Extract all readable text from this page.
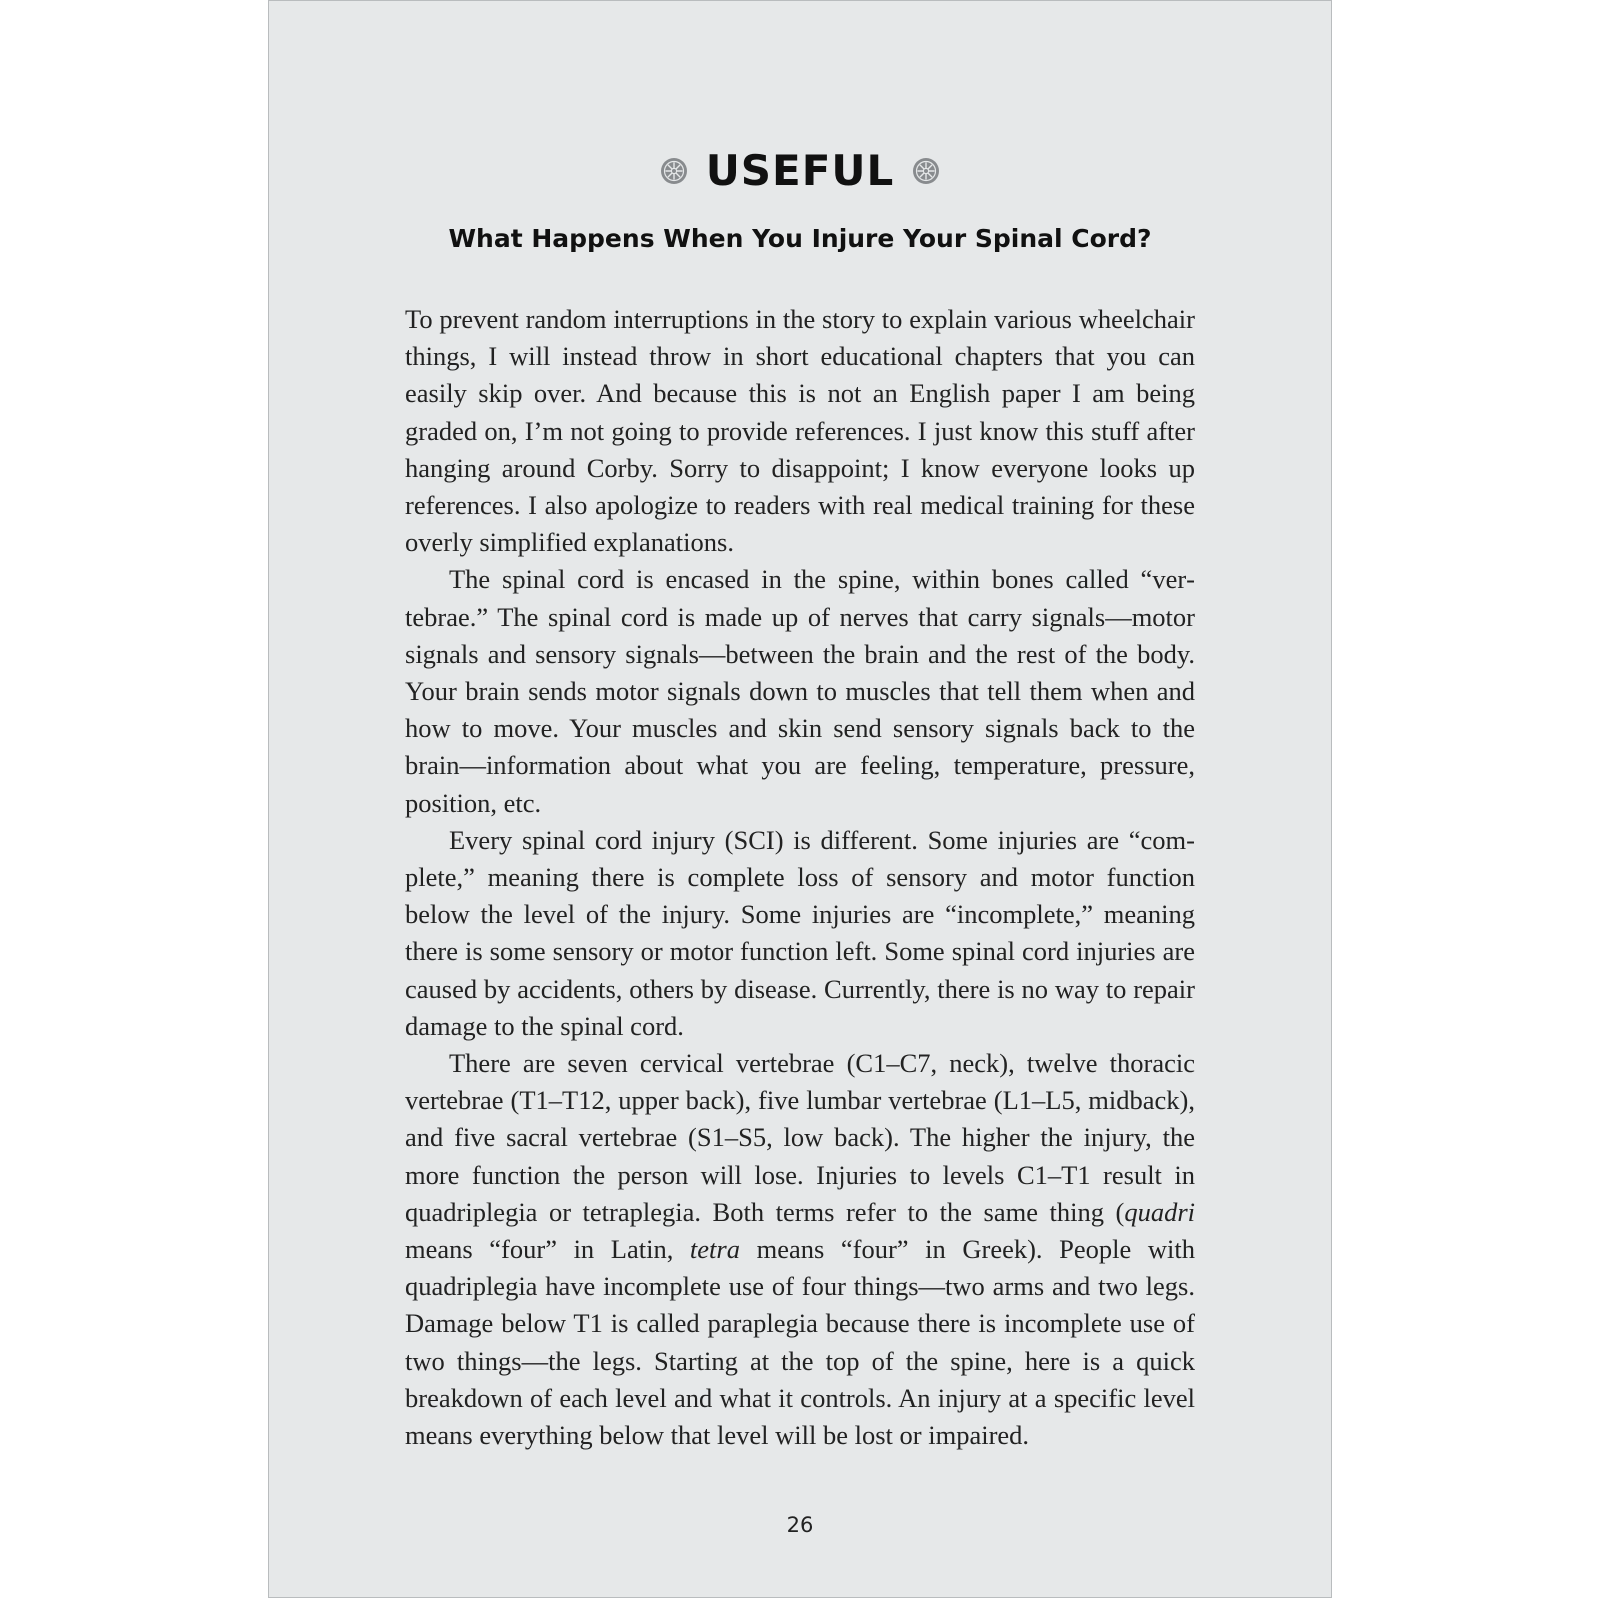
USEFUL
What Happens When You Injure Your Spinal Cord?

To prevent random interruptions in the story to explain various wheelchair things, I will instead throw in short educational chapters that you can easily skip over. And because this is not an English paper I am being graded on, I’m not going to provide references. I just know this stuff after hanging around Corby. Sorry to disappoint; I know everyone looks up references. I also apologize to readers with real medical training for these overly simplified explanations.

The spinal cord is encased in the spine, within bones called “vertebrae.” The spinal cord is made up of nerves that carry signals—motor signals and sensory signals—between the brain and the rest of the body. Your brain sends motor signals down to muscles that tell them when and how to move. Your muscles and skin send sensory signals back to the brain—information about what you are feeling, temperature, pressure, position, etc.

Every spinal cord injury (SCI) is different. Some injuries are “complete,” meaning there is complete loss of sensory and motor function below the level of the injury. Some injuries are “incomplete,” meaning there is some sensory or motor function left. Some spinal cord injuries are caused by accidents, others by disease. Currently, there is no way to repair damage to the spinal cord.

There are seven cervical vertebrae (C1–C7, neck), twelve thoracic vertebrae (T1–T12, upper back), five lumbar vertebrae (L1–L5, midback), and five sacral vertebrae (S1–S5, low back). The higher the injury, the more function the person will lose. Injuries to levels C1–T1 result in quadriplegia or tetraplegia. Both terms refer to the same thing (quadri means “four” in Latin, tetra means “four” in Greek). People with quadriplegia have incomplete use of four things—two arms and two legs. Damage below T1 is called paraplegia because there is incomplete use of two things—the legs. Starting at the top of the spine, here is a quick breakdown of each level and what it controls. An injury at a specific level means everything below that level will be lost or impaired.

26
